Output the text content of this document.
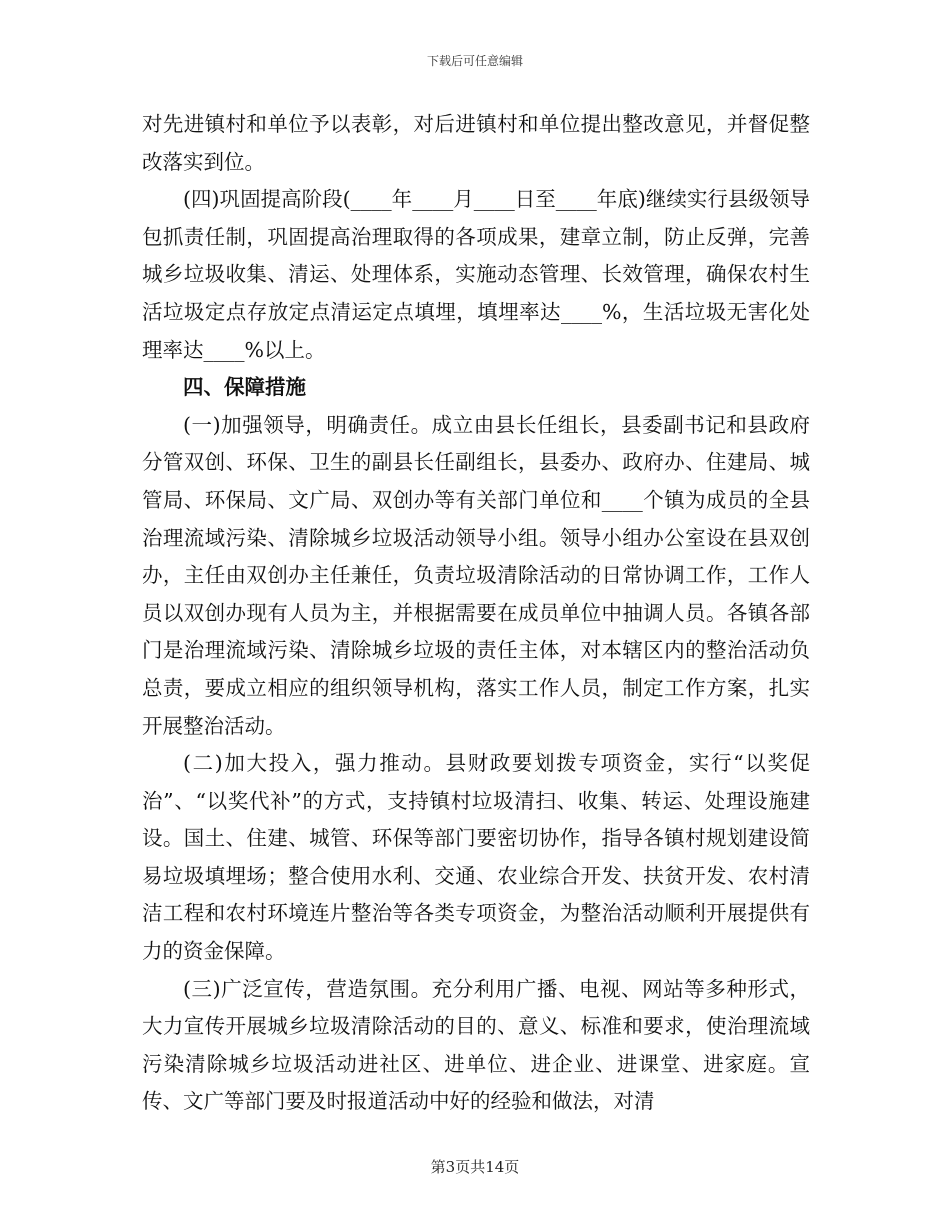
下载后可任意编辑

对先进镇村和单位予以表彰，对后进镇村和单位提出整改意见，并督促整改落实到位。

(四)巩固提高阶段(____年____月____日至____年底)继续实行县级领导包抓责任制，巩固提高治理取得的各项成果，建章立制，防止反弹，完善城乡垃圾收集、清运、处理体系，实施动态管理、长效管理，确保农村生活垃圾定点存放定点清运定点填埋，填埋率达____%，生活垃圾无害化处理率达____%以上。

四、保障措施

(一)加强领导，明确责任。成立由县长任组长，县委副书记和县政府分管双创、环保、卫生的副县长任副组长，县委办、政府办、住建局、城管局、环保局、文广局、双创办等有关部门单位和____个镇为成员的全县治理流域污染、清除城乡垃圾活动领导小组。领导小组办公室设在县双创办，主任由双创办主任兼任，负责垃圾清除活动的日常协调工作，工作人员以双创办现有人员为主，并根据需要在成员单位中抽调人员。各镇各部门是治理流域污染、清除城乡垃圾的责任主体，对本辖区内的整治活动负总责，要成立相应的组织领导机构，落实工作人员，制定工作方案，扎实开展整治活动。

(二)加大投入，强力推动。县财政要划拨专项资金，实行“以奖促治”、“以奖代补”的方式，支持镇村垃圾清扫、收集、转运、处理设施建设。国土、住建、城管、环保等部门要密切协作，指导各镇村规划建设简易垃圾填埋场；整合使用水利、交通、农业综合开发、扶贫开发、农村清洁工程和农村环境连片整治等各类专项资金，为整治活动顺利开展提供有力的资金保障。

(三)广泛宣传，营造氛围。充分利用广播、电视、网站等多种形式，大力宣传开展城乡垃圾清除活动的目的、意义、标准和要求，使治理流域污染清除城乡垃圾活动进社区、进单位、进企业、进课堂、进家庭。宣传、文广等部门要及时报道活动中好的经验和做法，对清

第3页共14页
